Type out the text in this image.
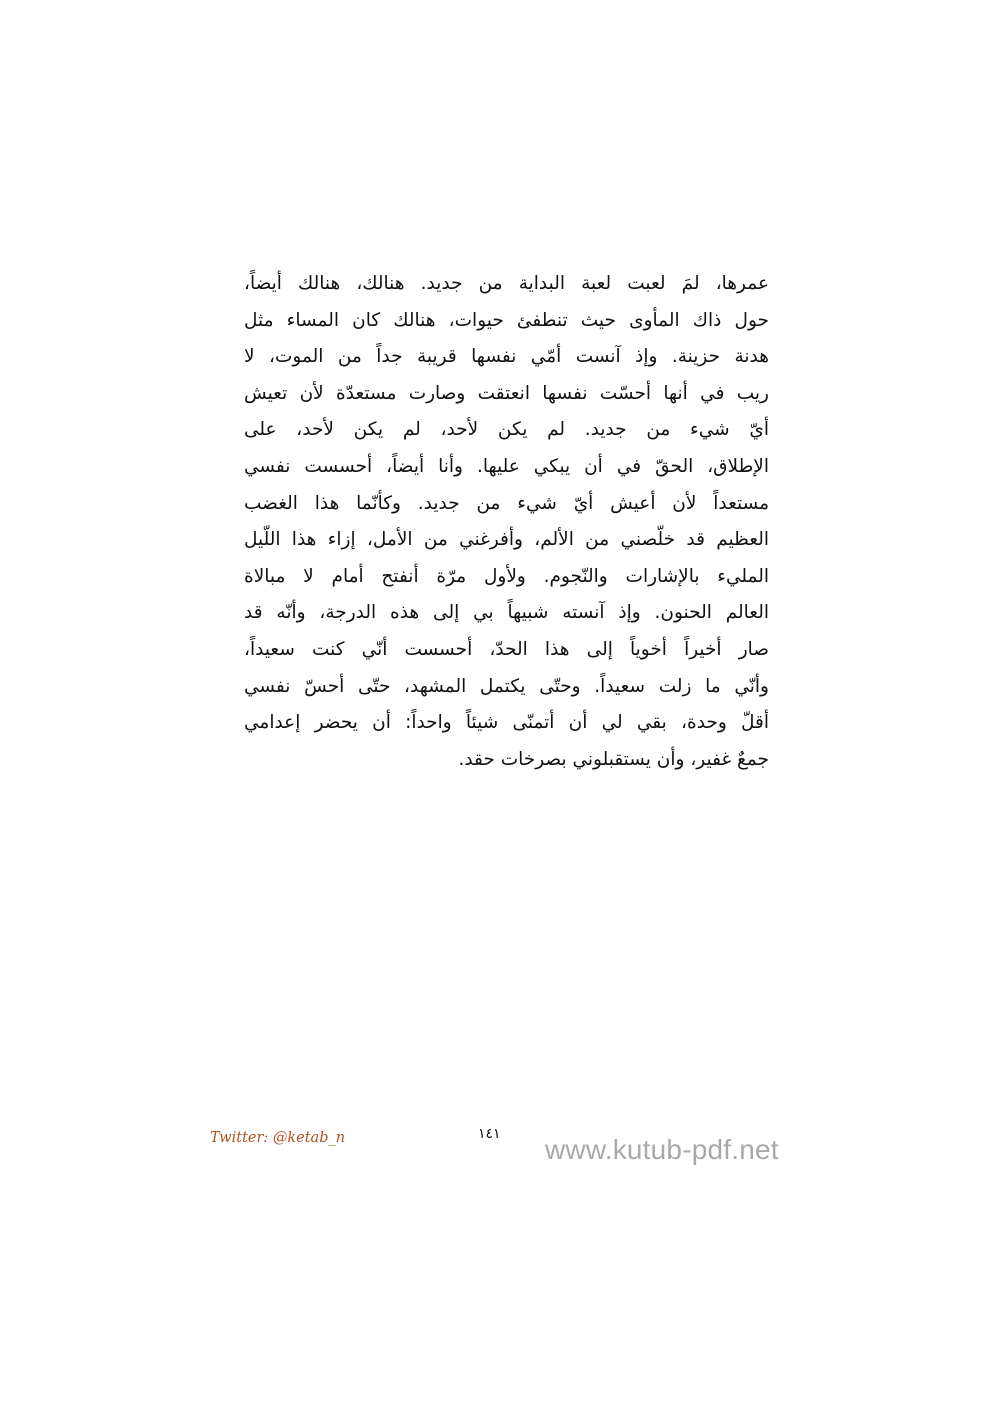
عمرها، لمَ لعبت لعبة البداية من جديد. هنالك، هنالك أيضاً،
حول ذاك المأوى حيث تنطفئ حيوات، هنالك كان المساء مثل
هدنة حزينة. وإذ آنست أمّي نفسها قريبة جداً من الموت، لا
ريب في أنها أحسّت نفسها انعتقت وصارت مستعدّة لأن تعيش
أيّ شيء من جديد. لم يكن لأحد، لم يكن لأحد، على
الإطلاق، الحقّ في أن يبكي عليها. وأنا أيضاً، أحسست نفسي
مستعداً لأن أعيش أيّ شيء من جديد. وكأنّما هذا الغضب
العظيم قد خلّصني من الألم، وأفرغني من الأمل، إزاء هذا اللّيل
المليء بالإشارات والنّجوم. ولأول مرّة أنفتح أمام لا مبالاة
العالم الحنون. وإذ آنسته شبيهاً بي إلى هذه الدرجة، وأنّه قد
صار أخيراً أخوياً إلى هذا الحدّ، أحسست أنّي كنت سعيداً،
وأنّي ما زلت سعيداً. وحتّى يكتمل المشهد، حتّى أحسّ نفسي
أقلّ وحدة، بقي لي أن أتمنّى شيئاً واحداً: أن يحضر إعدامي
جمعٌ غفير، وأن يستقبلوني بصرخات حقد.
Twitter: @ketab_n	١٤١ www.kutub-pdf.net
